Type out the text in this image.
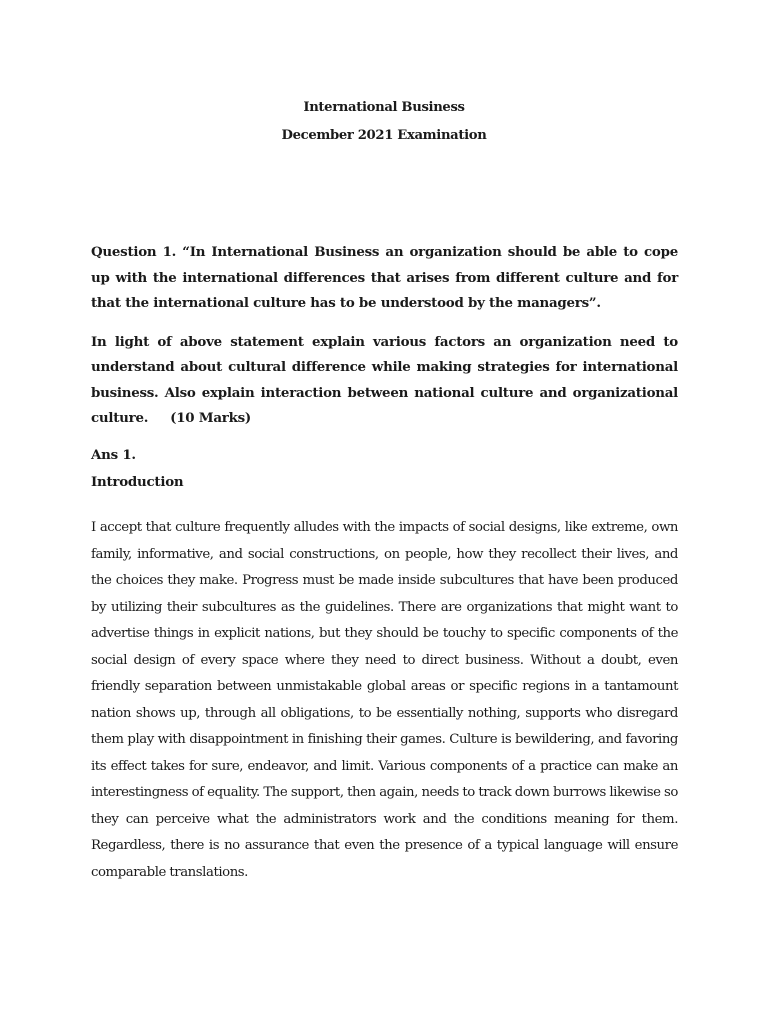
International Business
December 2021 Examination

Question 1. “In International Business an organization should be able to cope up with the international differences that arises from different culture and for that the international culture has to be understood by the managers”.

In light of above statement explain various factors an organization need to understand about cultural difference while making strategies for international business. Also explain interaction between national culture and organizational culture. (10 Marks)

Ans 1.
Introduction

I accept that culture frequently alludes with the impacts of social designs, like extreme, own family, informative, and social constructions, on people, how they recollect their lives, and the choices they make. Progress must be made inside subcultures that have been produced by utilizing their subcultures as the guidelines. There are organizations that might want to advertise things in explicit nations, but they should be touchy to specific components of the social design of every space where they need to direct business. Without a doubt, even friendly separation between unmistakable global areas or specific regions in a tantamount nation shows up, through all obligations, to be essentially nothing, supports who disregard them play with disappointment in finishing their games. Culture is bewildering, and favoring its effect takes for sure, endeavor, and limit. Various components of a practice can make an interestingness of equality. The support, then again, needs to track down burrows likewise so they can perceive what the administrators work and the conditions meaning for them. Regardless, there is no assurance that even the presence of a typical language will ensure comparable translations.
